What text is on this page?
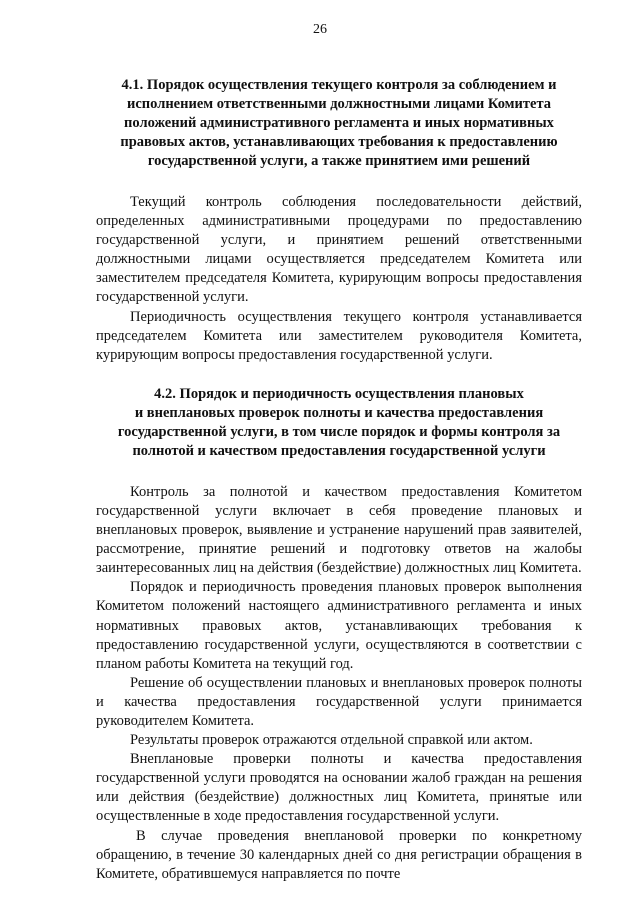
26
4.1. Порядок осуществления текущего контроля за соблюдением и
исполнением ответственными должностными лицами Комитета
положений административного регламента и иных нормативных
правовых актов, устанавливающих требования к предоставлению
государственной услуги, а также принятием ими решений

Текущий контроль соблюдения последовательности действий, определенных административными процедурами по предоставлению государственной услуги, и принятием решений ответственными должностными лицами осуществляется председателем Комитета или заместителем председателя Комитета, курирующим вопросы предоставления государственной услуги.

Периодичность осуществления текущего контроля устанавливается председателем Комитета или заместителем руководителя Комитета, курирующим вопросы предоставления государственной услуги.

4.2. Порядок и периодичность осуществления плановых
и внеплановых проверок полноты и качества предоставления
государственной услуги, в том числе порядок и формы контроля за
полнотой и качеством предоставления государственной услуги

Контроль за полнотой и качеством предоставления Комитетом государственной услуги включает в себя проведение плановых и внеплановых проверок, выявление и устранение нарушений прав заявителей, рассмотрение, принятие решений и подготовку ответов на жалобы заинтересованных лиц на действия (бездействие) должностных лиц Комитета.

Порядок и периодичность проведения плановых проверок выполнения Комитетом положений настоящего административного регламента и иных нормативных правовых актов, устанавливающих требования к предоставлению государственной услуги, осуществляются в соответствии с планом работы Комитета на текущий год.

Решение об осуществлении плановых и внеплановых проверок полноты и качества предоставления государственной услуги принимается руководителем Комитета.

Результаты проверок отражаются отдельной справкой или актом.

Внеплановые проверки полноты и качества предоставления государственной услуги проводятся на основании жалоб граждан на решения или действия (бездействие) должностных лиц Комитета, принятые или осуществленные в ходе предоставления государственной услуги.

В случае проведения внеплановой проверки по конкретному обращению, в течение 30 календарных дней со дня регистрации обращения в Комитете, обратившемуся направляется по почте
